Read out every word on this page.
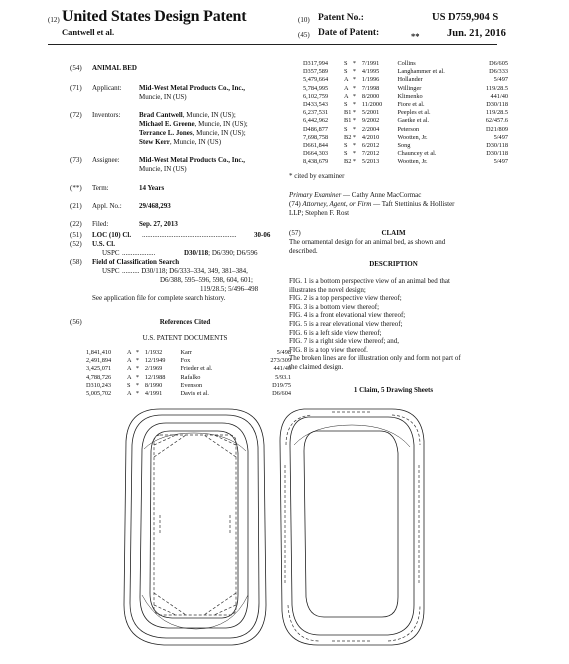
(12) United States Design Patent
Cantwell et al.
(10) Patent No.:	US D759,904 S
(45) Date of Patent:	**	Jun. 21, 2016
(54) ANIMAL BED
(71) Applicant: Mid-West Metal Products Co., Inc.,
Muncie, IN (US)
(72) Inventors:	Brad Cantwell, Muncie, IN (US);
Michael E. Greene, Muncie, IN (US);
Terrance L. Jones, Muncie, IN (US);
Stew Kerr, Muncie, IN (US)
(73) Assignee:	Mid-West Metal Products Co., Inc.,
Muncie, IN (US)
(**) Term:	14 Years
(21) Appl. No.: 29/468,293
(22) Filed:	Sep. 27, 2013
(51) LOC (10) Cl. ......................................................	30-06
(52) U.S. Cl.
USPC ...................	D30/118; D6/390; D6/596
(58) Field of Classification Search
USPC .......... D30/118; D6/333–334, 349, 381–384,
D6/388, 595–596, 598, 604, 601;
119/28.5; 5/496–498
See application file for complete search history.
(56)	References Cited
U.S. PATENT DOCUMENTS
1,841,410	A * 1/1932	Karr	5/498
2,491,894	A * 12/1949	Fox	273/309
3,425,071	A * 2/1969	Frieder et al.	441/40
4,788,726	A * 12/1988	Rafalko	5/93.1
D310,243	S * 8/1990	Evenson	D19/75
5,005,702	A * 4/1991	Davis et al.	D6/604
D317,994	S * 7/1991	Collins	D6/605
D357,589	S * 4/1995	Langhammer et al.	D6/333
5,479,664	A * 1/1996	Hollander	5/497
5,784,995	A * 7/1998	Willinger	119/28.5
6,102,759	A * 8/2000	Klimenko	441/40
D433,543	S * 11/2000	Fiore et al.	D30/118
6,237,531	B1 * 5/2001	Peeples et al.	119/28.5
6,442,962	B1 * 9/2002	Gaetke et al.	62/457.6
D486,877	S * 2/2004	Peterson	D21/809
7,698,758	B2 * 4/2010	Wootten, Jr.	5/497
D661,844	S * 6/2012	Song	D30/118
D664,303	S * 7/2012	Chauncey et al.	D30/118
8,438,679	B2 * 5/2013	Wootten, Jr.	5/497
* cited by examiner
Primary Examiner — Cathy Anne MacCormac
(74) Attorney, Agent, or Firm — Taft Stettinius & Hollister
LLP; Stephen F. Rost
(57)	CLAIM
The ornamental design for an animal bed, as shown and
described.
DESCRIPTION
FIG. 1 is a bottom perspective view of an animal bed that
illustrates the novel design;
FIG. 2 is a top perspective view thereof;
FIG. 3 is a bottom view thereof;
FIG. 4 is a front elevational view thereof;
FIG. 5 is a rear elevational view thereof;
FIG. 6 is a left side view thereof;
FIG. 7 is a right side view thereof; and,
FIG. 8 is a top view thereof.
The broken lines are for illustration only and form not part of
the claimed design.
1 Claim, 5 Drawing Sheets
